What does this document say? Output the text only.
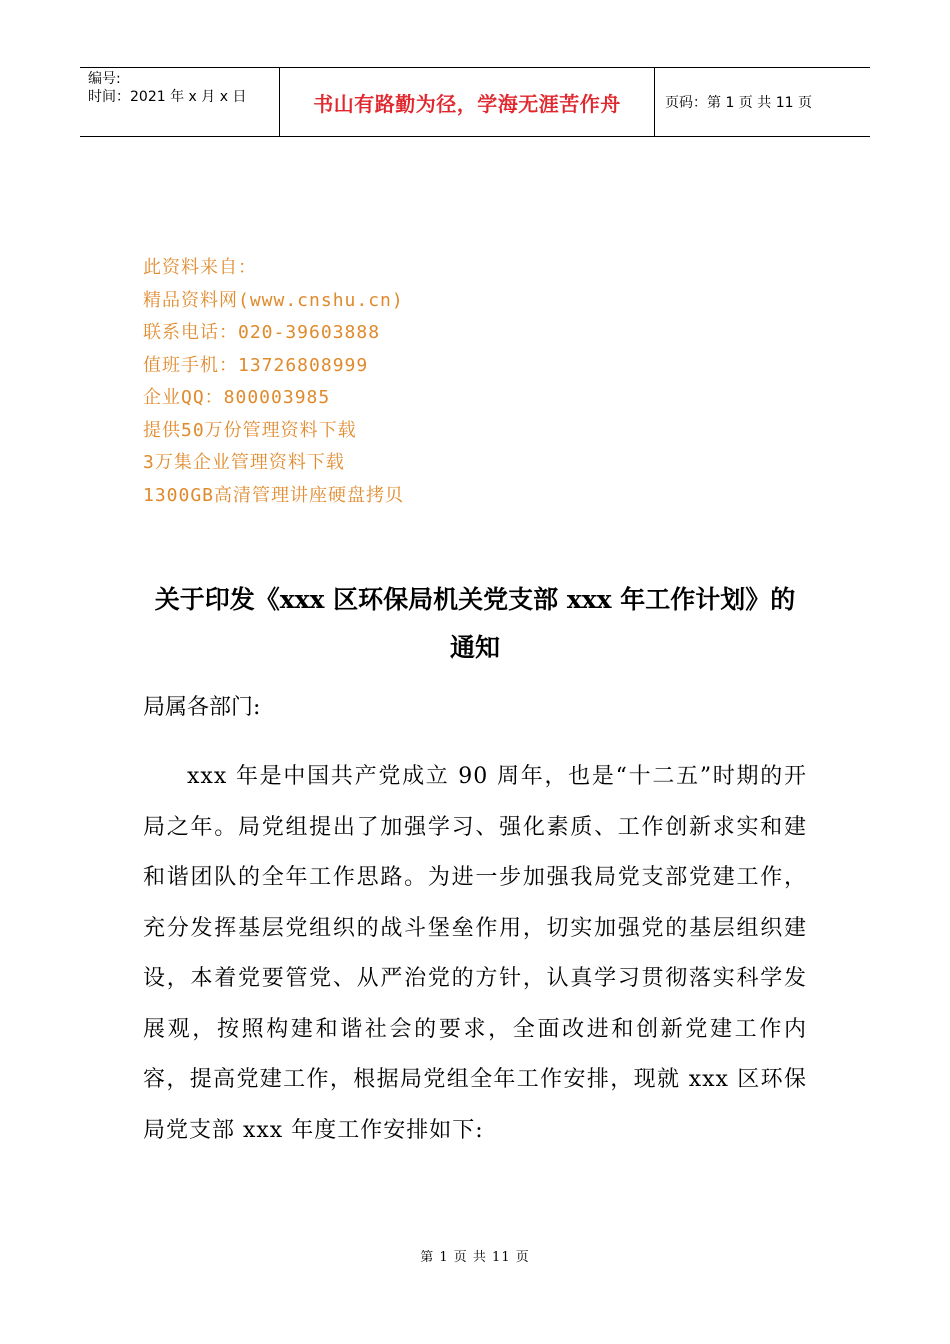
编号:
时间：2021 年 x 月 x 日	书山有路勤为径，学海无涯苦作舟	页码：第 1 页 共 11 页
此资料来自：
精品资料网(www.cnshu.cn)
联系电话：020-39603888
值班手机：13726808999
企业QQ：800003985
提供50万份管理资料下载
3万集企业管理资料下载
1300GB高清管理讲座硬盘拷贝
关于印发《xxx 区环保局机关党支部 xxx 年工作计划》的通知
局属各部门:
xxx 年是中国共产党成立 90 周年，也是“十二五”时期的开局之年。局党组提出了加强学习、强化素质、工作创新求实和建和谐团队的全年工作思路。为进一步加强我局党支部党建工作，充分发挥基层党组织的战斗堡垒作用，切实加强党的基层组织建设，本着党要管党、从严治党的方针，认真学习贯彻落实科学发展观，按照构建和谐社会的要求，全面改进和创新党建工作内容，提高党建工作，根据局党组全年工作安排，现就 xxx 区环保局党支部 xxx 年度工作安排如下:
第 1 页 共 11 页
